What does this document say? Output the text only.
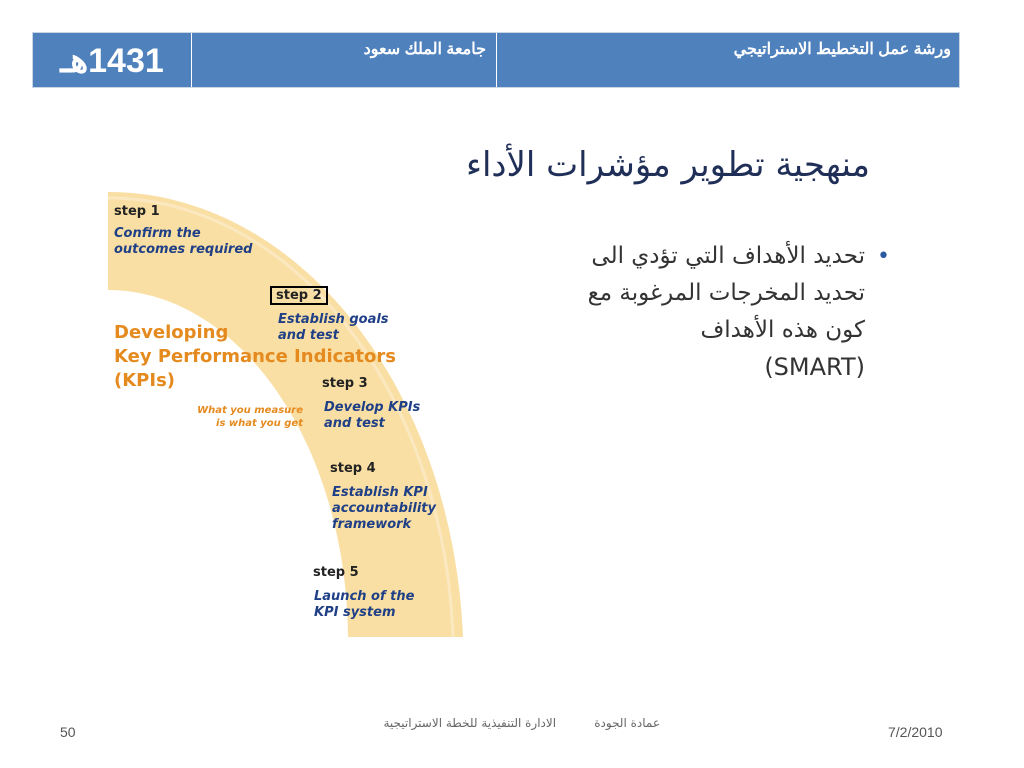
1431هـ	جامعة الملك سعود	ورشة عمل التخطيط الاستراتيجي
منهجية تطوير مؤشرات الأداء
step 1
Confirm the
outcomes required
step 2
Establish goals
and test
Developing
Key Performance Indicators
(KPIs)
What you measure
is what you get
step 3
Develop KPIs
and test
step 4
Establish KPI
accountability
framework
step 5
Launch of the
KPI system
•
تحديد الأهداف التي تؤدي الى تحديد المخرجات المرغوبة مع كون هذه الأهداف
(SMART)
7/2/2010
عمادة الجودة          الادارة التنفيذية للخطة الاستراتيجية
50
